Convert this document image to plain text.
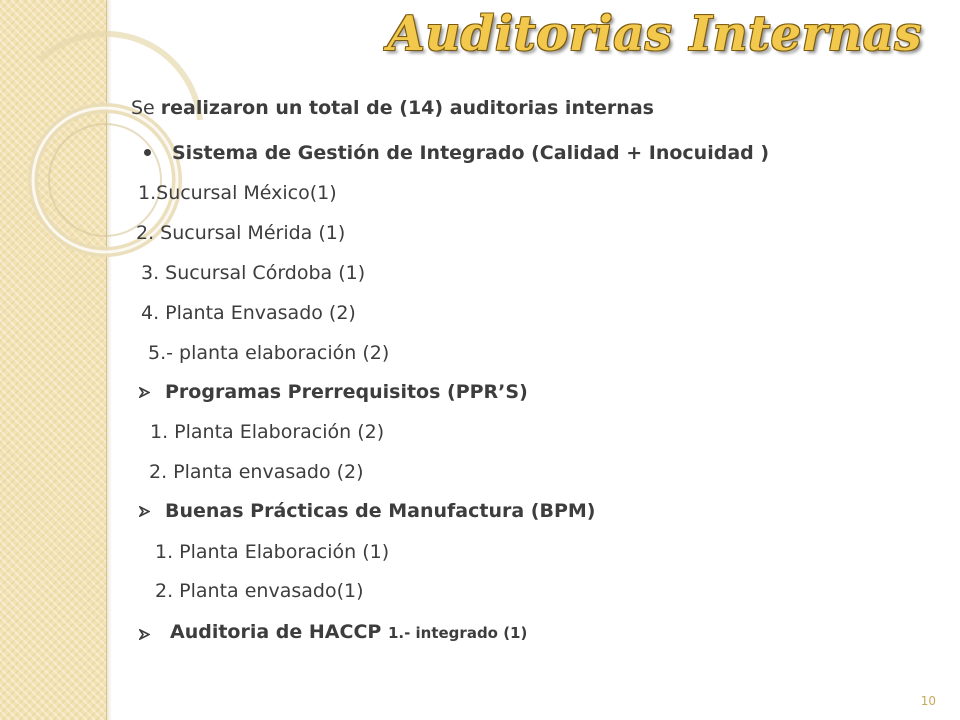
Auditorias Internas
Se realizaron un total de (14) auditorias internas
Sistema de Gestión de Integrado (Calidad + Inocuidad )
1.Sucursal México(1)
2. Sucursal Mérida (1)
3. Sucursal Córdoba (1)
4. Planta Envasado (2)
5.- planta elaboración (2)
Programas Prerrequisitos (PPR’S)
1. Planta Elaboración (2)
2. Planta envasado (2)
Buenas Prácticas de Manufactura (BPM)
1. Planta Elaboración (1)
2. Planta envasado(1)
Auditoria de HACCP 1.- integrado (1)
10
